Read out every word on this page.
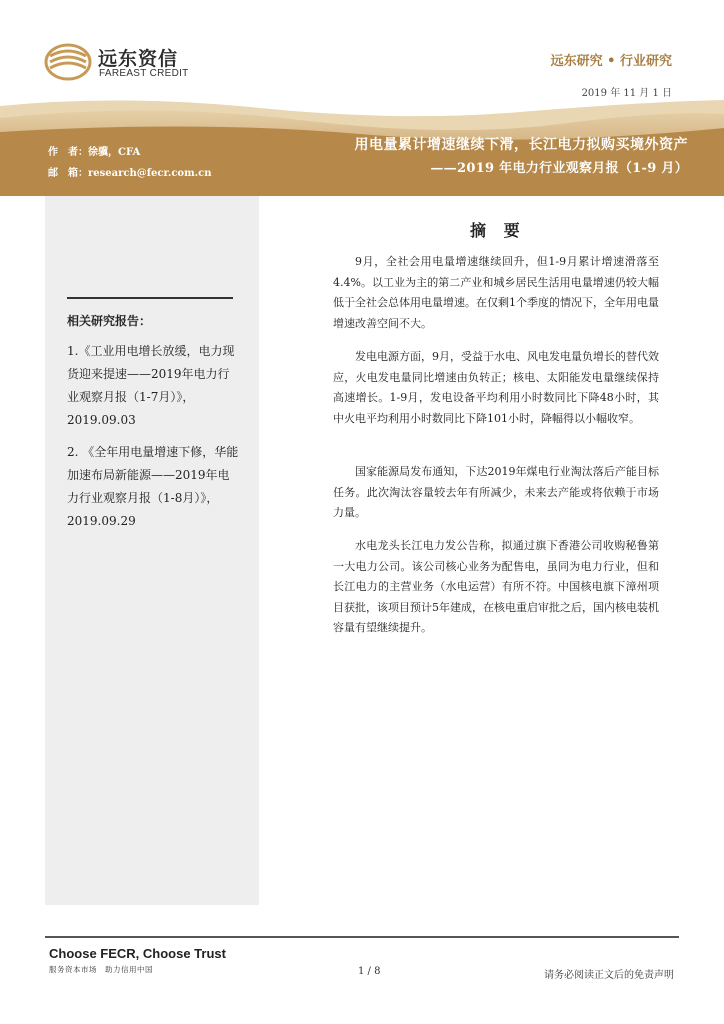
远东资信
FAREAST CREDIT
远东研究 • 行业研究
2019 年 11 月 1 日
作　者：徐骥，CFA
邮　箱：research@fecr.com.cn
用电量累计增速继续下滑，长江电力拟购买境外资产
——2019 年电力行业观察月报（1-9 月）
相关研究报告：
1.《工业用电增长放缓，电力现货迎来提速——2019年电力行业观察月报（1-7月）》，2019.09.03
2. 《全年用电量增速下修，华能加速布局新能源——2019年电力行业观察月报（1-8月）》，2019.09.29
摘 要

9月，全社会用电量增速继续回升，但1-9月累计增速滑落至4.4%。以工业为主的第二产业和城乡居民生活用电量增速仍较大幅低于全社会总体用电量增速。在仅剩1个季度的情况下，全年用电量增速改善空间不大。

发电电源方面，9月，受益于水电、风电发电量负增长的替代效应，火电发电量同比增速由负转正；核电、太阳能发电量继续保持高速增长。1-9月，发电设备平均利用小时数同比下降48小时，其中火电平均利用小时数同比下降101小时，降幅得以小幅收窄。

国家能源局发布通知，下达2019年煤电行业淘汰落后产能目标任务。此次淘汰容量较去年有所减少，未来去产能或将依赖于市场力量。

水电龙头长江电力发公告称，拟通过旗下香港公司收购秘鲁第一大电力公司。该公司核心业务为配售电，虽同为电力行业，但和长江电力的主营业务（水电运营）有所不符。中国核电旗下漳州项目获批，该项目预计5年建成，在核电重启审批之后，国内核电装机容量有望继续提升。

Choose FECR, Choose Trust
服务资本市场　助力信用中国	1 / 8	请务必阅读正文后的免责声明
